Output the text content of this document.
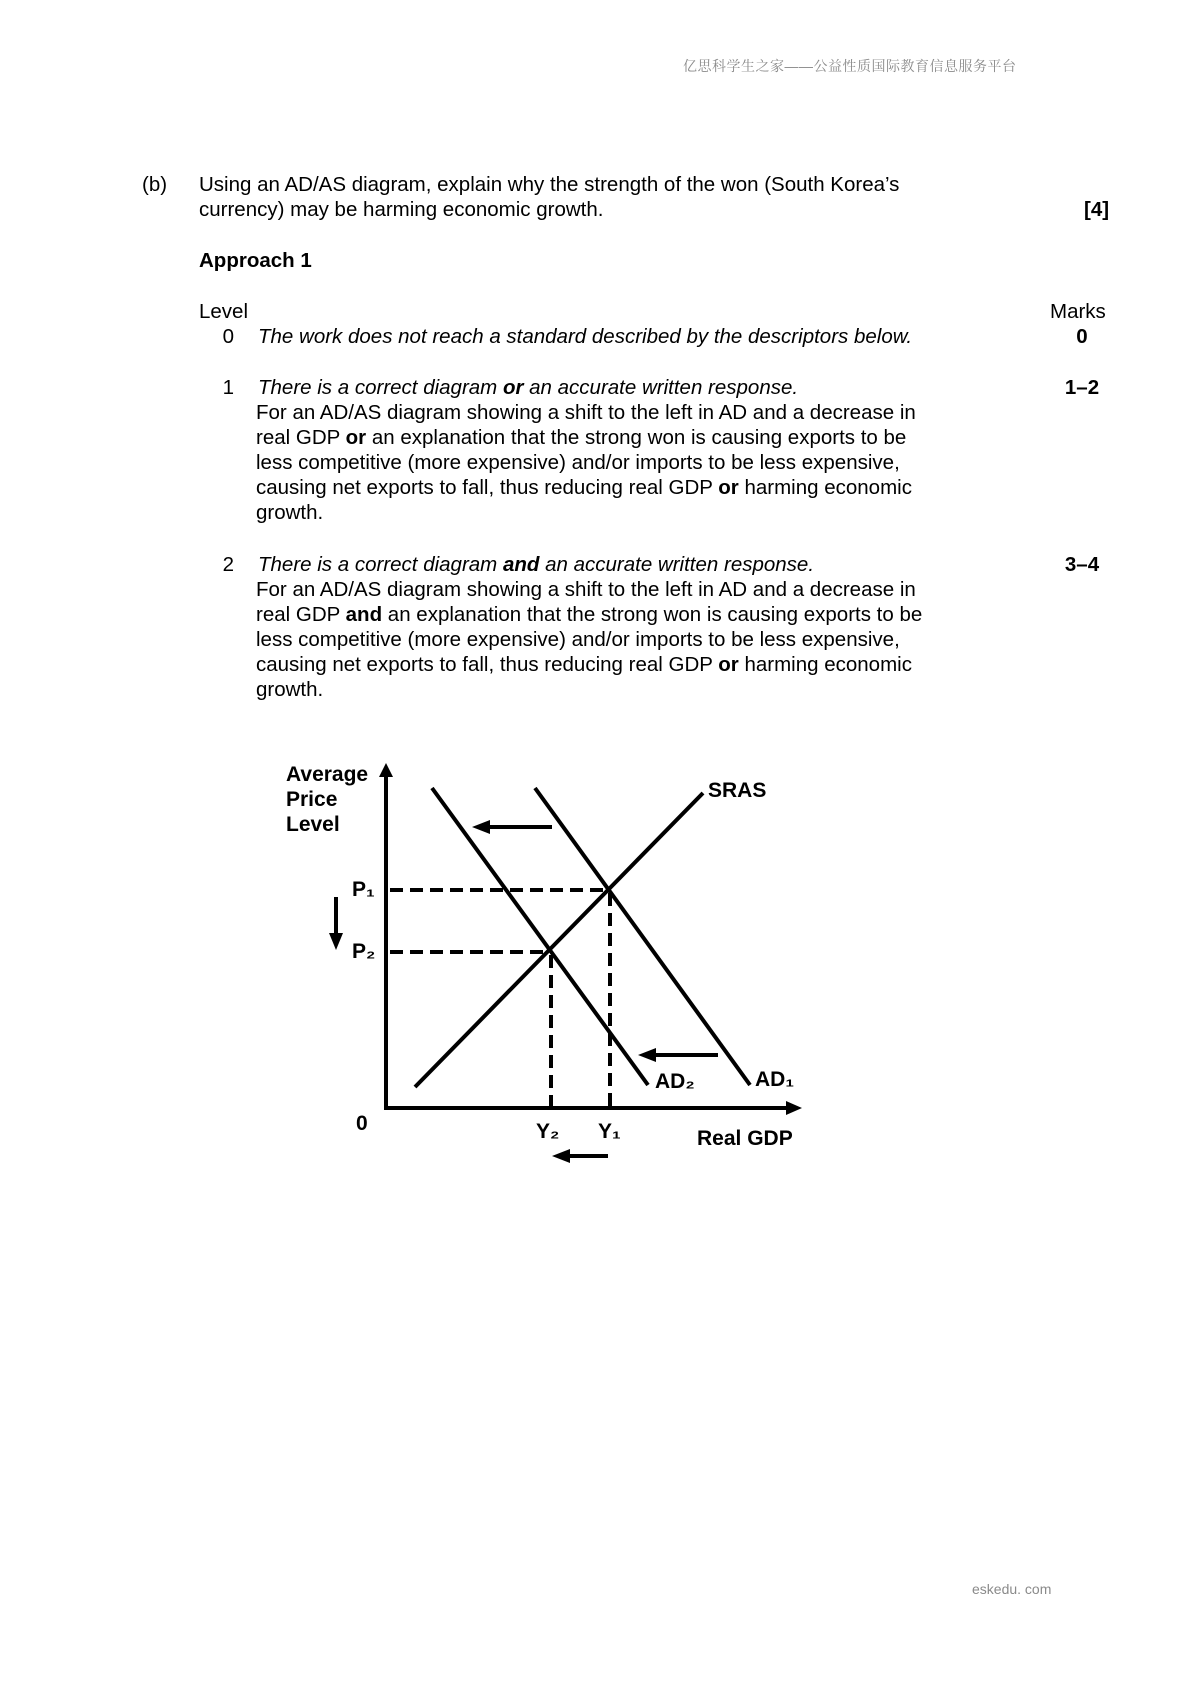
亿思科学生之家——公益性质国际教育信息服务平台
(b) Using an AD/AS diagram, explain why the strength of the won (South Korea’s
currency) may be harming economic growth.	[4]
Approach 1
Level	Marks
0 The work does not reach a standard described by the descriptors below.	0
1 There is a correct diagram or an accurate written response.	1–2
For an AD/AS diagram showing a shift to the left in AD and a decrease in
real GDP or an explanation that the strong won is causing exports to be
less competitive (more expensive) and/or imports to be less expensive,
causing net exports to fall, thus reducing real GDP or harming economic
growth.
2 There is a correct diagram and an accurate written response.	3–4
For an AD/AS diagram showing a shift to the left in AD and a decrease in
real GDP and an explanation that the strong won is causing exports to be
less competitive (more expensive) and/or imports to be less expensive,
causing net exports to fall, thus reducing real GDP or harming economic
growth.
Average
Price
Level
P₁
P₂
0	Y₂ Y₁	Real GDP
SRAS
AD₂	AD₁
eskedu. com
